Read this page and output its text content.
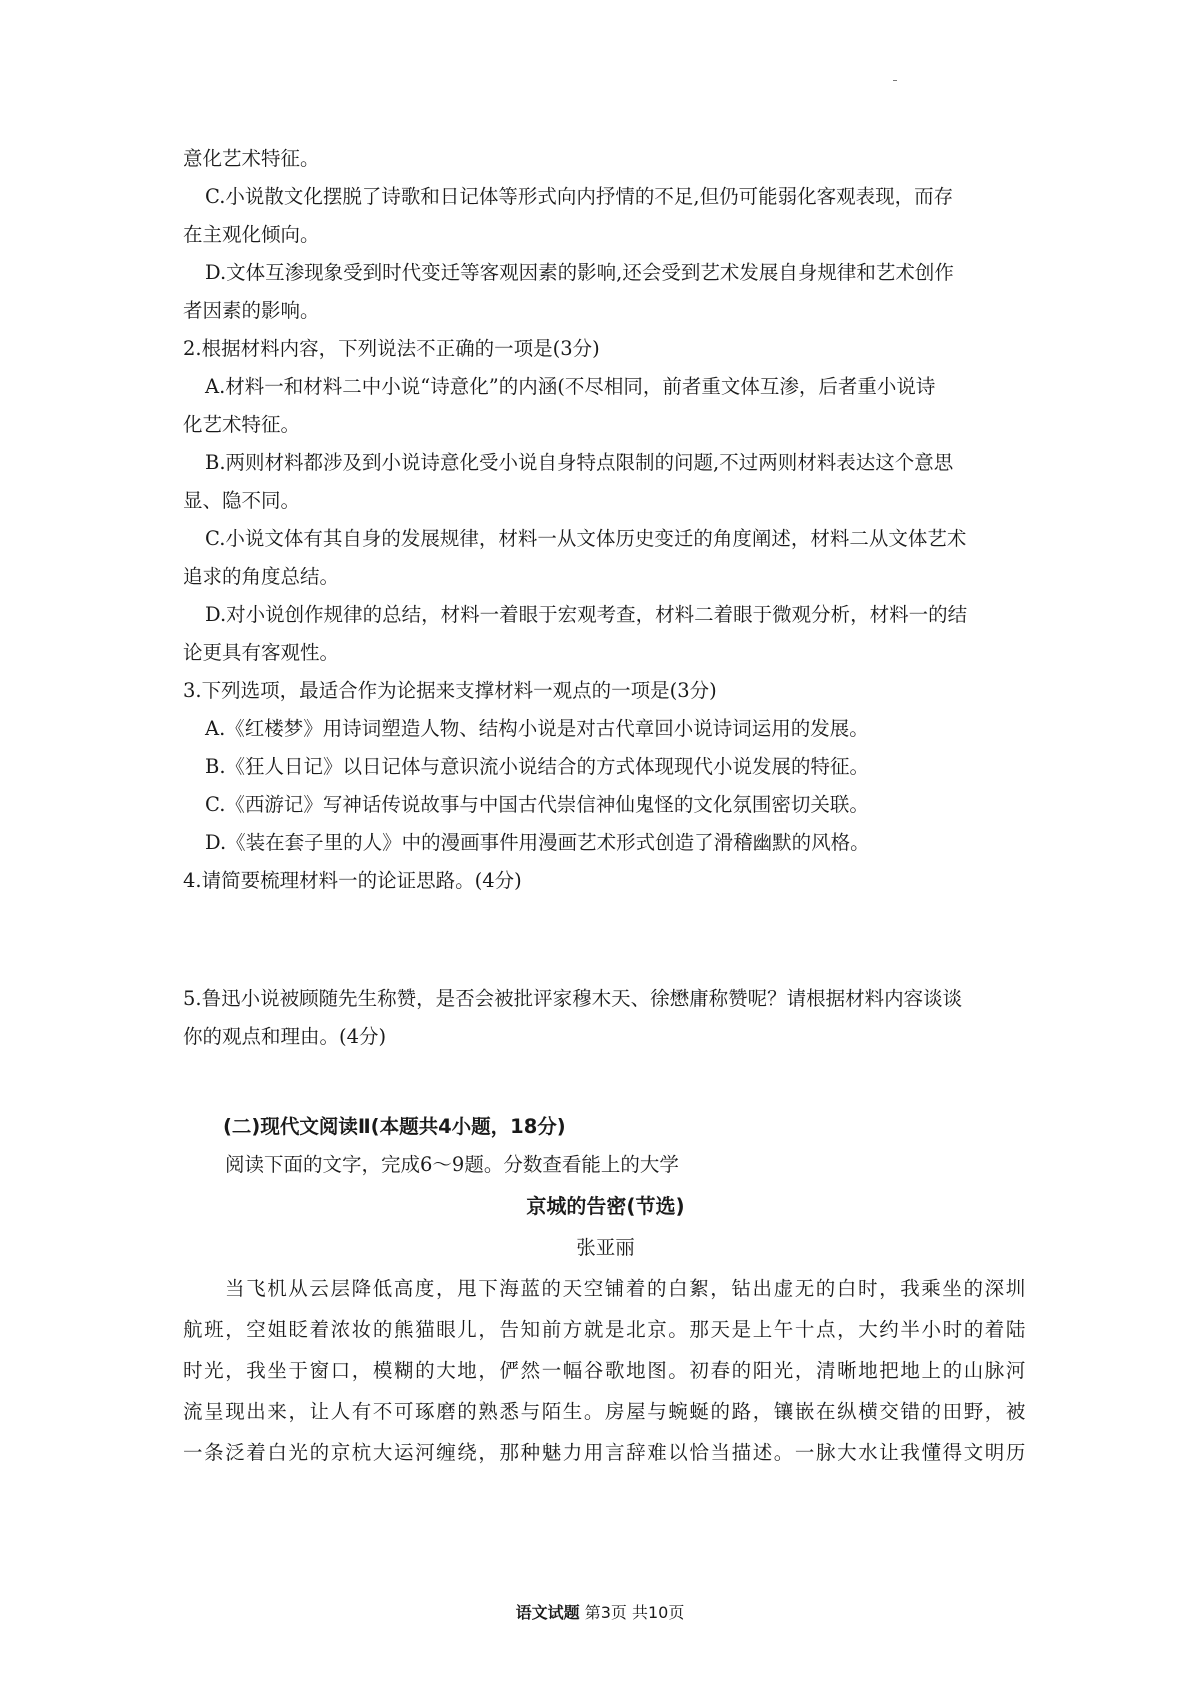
意化艺术特征。
C.小说散文化摆脱了诗歌和日记体等形式向内抒情的不足,但仍可能弱化客观表现，而存
在主观化倾向。
D.文体互渗现象受到时代变迁等客观因素的影响,还会受到艺术发展自身规律和艺术创作
者因素的影响。
2.根据材料内容，下列说法不正确的一项是(3分)
A.材料一和材料二中小说“诗意化”的内涵(不尽相同，前者重文体互渗，后者重小说诗
化艺术特征。
B.两则材料都涉及到小说诗意化受小说自身特点限制的问题,不过两则材料表达这个意思
显、隐不同。
C.小说文体有其自身的发展规律，材料一从文体历史变迁的角度阐述，材料二从文体艺术
追求的角度总结。
D.对小说创作规律的总结，材料一着眼于宏观考查，材料二着眼于微观分析，材料一的结
论更具有客观性。
3.下列选项，最适合作为论据来支撑材料一观点的一项是(3分)
A.《红楼梦》用诗词塑造人物、结构小说是对古代章回小说诗词运用的发展。
B.《狂人日记》以日记体与意识流小说结合的方式体现现代小说发展的特征。
C.《西游记》写神话传说故事与中国古代崇信神仙鬼怪的文化氛围密切关联。
D.《装在套子里的人》中的漫画事件用漫画艺术形式创造了滑稽幽默的风格。
4.请简要梳理材料一的论证思路。(4分)
5.鲁迅小说被顾随先生称赞，是否会被批评家穆木天、徐懋庸称赞呢？请根据材料内容谈谈
你的观点和理由。(4分)
(二)现代文阅读Ⅱ(本题共4小题，18分)
阅读下面的文字，完成6～9题。分数查看能上的大学
京城的告密(节选)
张亚丽
当飞机从云层降低高度，甩下海蓝的天空铺着的白絮，钻出虚无的白时，我乘坐的深圳
航班，空姐眨着浓妆的熊猫眼儿，告知前方就是北京。那天是上午十点，大约半小时的着陆
时光，我坐于窗口，模糊的大地，俨然一幅谷歌地图。初春的阳光，清晰地把地上的山脉河
流呈现出来，让人有不可琢磨的熟悉与陌生。房屋与蜿蜒的路，镶嵌在纵横交错的田野，被
一条泛着白光的京杭大运河缠绕，那种魅力用言辞难以恰当描述。一脉大水让我懂得文明历
语文试题 第3页 共10页
